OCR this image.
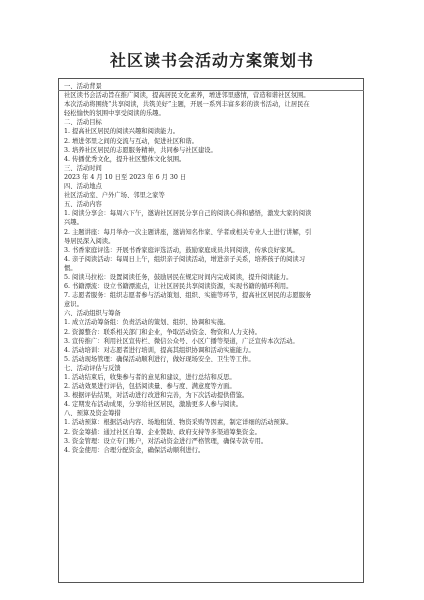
社区读书会活动方案策划书
一、活动背景
社区读书会活动旨在推广阅读，提高居民文化素养，增进邻里感情，营造和谐社区氛围。
本次活动将围绕“共享阅读，共筑美好”主题，开展一系列丰富多彩的读书活动，让居民在
轻松愉快的氛围中享受阅读的乐趣。
二、活动目标
1. 提高社区居民的阅读兴趣和阅读能力。
2. 增进邻里之间的交流与互动，促进社区和谐。
3. 培养社区居民的志愿服务精神，共同参与社区建设。
4. 传播优秀文化，提升社区整体文化氛围。
三、活动时间
2023 年 4 月 10 日至 2023 年 6 月 30 日
四、活动地点
社区活动室、户外广场、邻里之家等
五、活动内容
1. 阅读分享会：每周六下午，邀请社区居民分享自己的阅读心得和感悟，激发大家的阅读
兴趣。
2. 主题讲座：每月举办一次主题讲座，邀请知名作家、学者或相关专业人士进行讲解，引
导居民深入阅读。
3. 书香家庭评选：开展书香家庭评选活动，鼓励家庭成员共同阅读，传承良好家风。
4. 亲子阅读活动：每周日上午，组织亲子阅读活动，增进亲子关系，培养孩子的阅读习
惯。
5. 阅读马拉松：设置阅读任务，鼓励居民在规定时间内完成阅读，提升阅读能力。
6. 书籍漂流：设立书籍漂流点，让社区居民共享阅读资源，实现书籍的循环利用。
7. 志愿者服务：组织志愿者参与活动策划、组织、实施等环节，提高社区居民的志愿服务
意识。
六、活动组织与筹备
1. 成立活动筹备组：负责活动的策划、组织、协调和实施。
2. 资源整合：联系相关部门和企业，争取活动资金、物资和人力支持。
3. 宣传推广：利用社区宣传栏、微信公众号、小区广播等渠道，广泛宣传本次活动。
4. 活动培训：对志愿者进行培训，提高其组织协调和活动实施能力。
5. 活动现场管理：确保活动顺利进行，做好现场安全、卫生等工作。
七、活动评估与反馈
1. 活动结束后，收集参与者的意见和建议，进行总结和反思。
2. 活动效果进行评估，包括阅读量、参与度、满意度等方面。
3. 根据评估结果，对活动进行改进和完善，为下次活动提供借鉴。
4. 定期发布活动成果，分享给社区居民，激励更多人参与阅读。
八、预算及资金筹措
1. 活动预算：根据活动内容、场地租赁、物资采购等因素，制定详细的活动预算。
2. 资金筹措：通过社区自筹、企业赞助、政府支持等多渠道筹集资金。
3. 资金管理：设立专门账户，对活动资金进行严格管理，确保专款专用。
4. 资金使用：合理分配资金，确保活动顺利进行。
